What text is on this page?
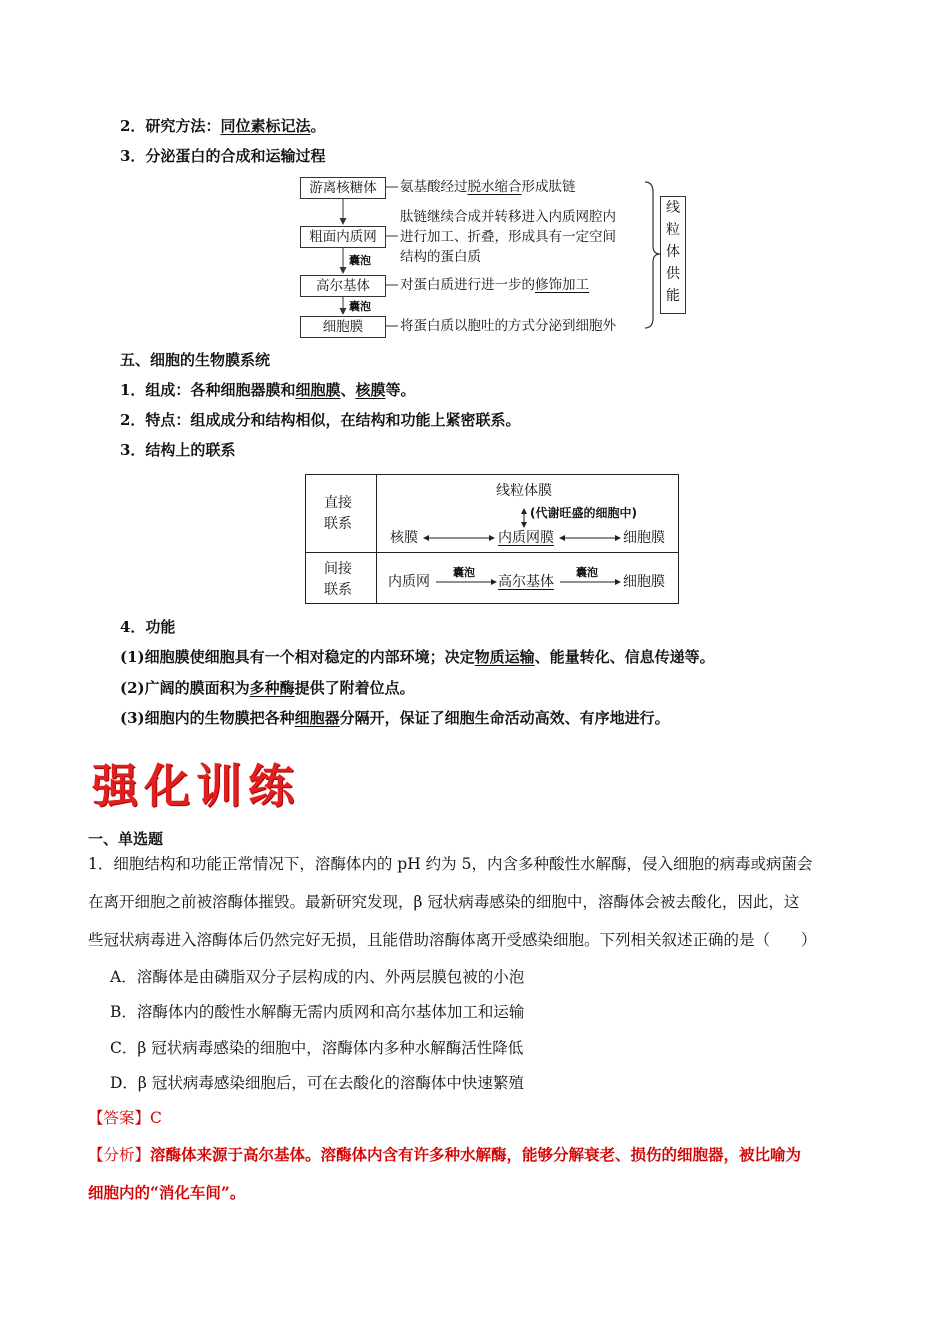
2．研究方法：同位素标记法。
3．分泌蛋白的合成和运输过程
游离核糖体
粗面内质网
高尔基体
细胞膜
囊泡
囊泡
氨基酸经过脱水缩合形成肽链
肽链继续合成并转移进入内质网腔内
进行加工、折叠，形成具有一定空间
结构的蛋白质
对蛋白质进行进一步的修饰加工
将蛋白质以胞吐的方式分泌到细胞外
线
粒
体
供
能
五、细胞的生物膜系统
1．组成：各种细胞器膜和细胞膜、核膜等。
2．特点：组成成分和结构相似，在结构和功能上紧密联系。
3．结构上的联系
直接
联系
间接
联系
线粒体膜
(代谢旺盛的细胞中)
核膜	内质网膜	细胞膜
内质网
囊泡
高尔基体
囊泡
细胞膜
4．功能
(1)细胞膜使细胞具有一个相对稳定的内部环境；决定物质运输、能量转化、信息传递等。
(2)广阔的膜面积为多种酶提供了附着位点。
(3)细胞内的生物膜把各种细胞器分隔开，保证了细胞生命活动高效、有序地进行。
强化训练
一、单选题
1．细胞结构和功能正常情况下，溶酶体内的 pH 约为 5，内含多种酸性水解酶，侵入细胞的病毒或病菌会
在离开细胞之前被溶酶体摧毁。最新研究发现，β 冠状病毒感染的细胞中，溶酶体会被去酸化，因此，这
些冠状病毒进入溶酶体后仍然完好无损，且能借助溶酶体离开受感染细胞。下列相关叙述正确的是（　　）
A．溶酶体是由磷脂双分子层构成的内、外两层膜包被的小泡
B．溶酶体内的酸性水解酶无需内质网和高尔基体加工和运输
C．β 冠状病毒感染的细胞中，溶酶体内多种水解酶活性降低
D．β 冠状病毒感染细胞后，可在去酸化的溶酶体中快速繁殖
【答案】C
【分析】溶酶体来源于高尔基体。溶酶体内含有许多种水解酶，能够分解衰老、损伤的细胞器，被比喻为
细胞内的“消化车间”。
